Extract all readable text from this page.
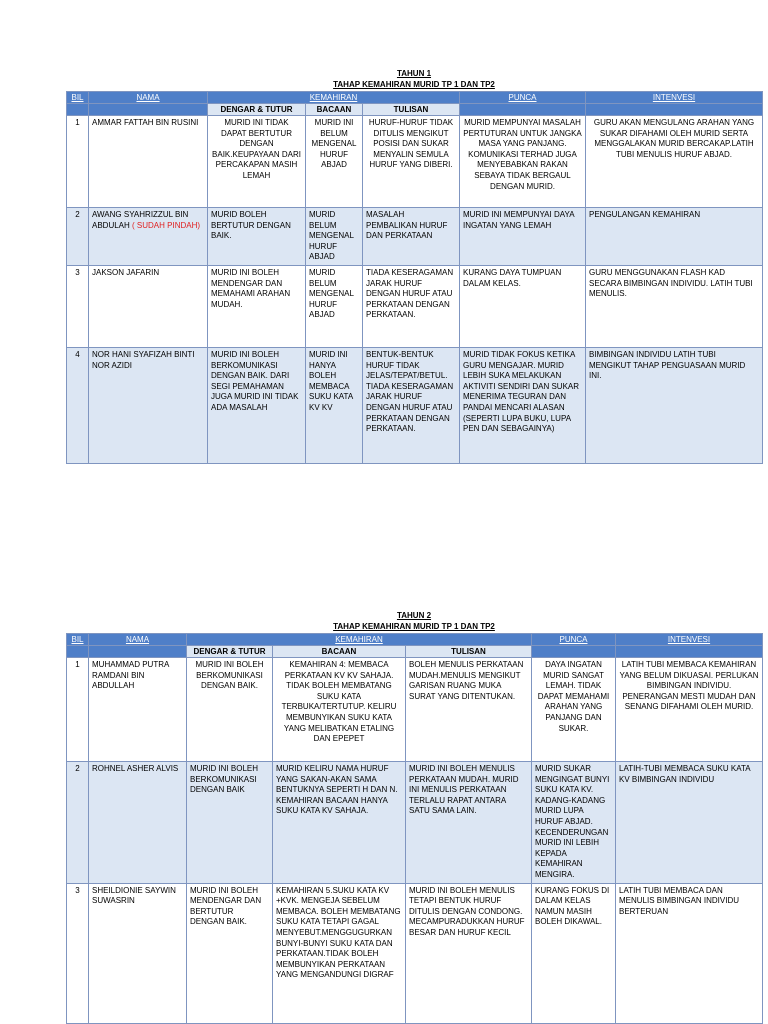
TAHUN 1
TAHAP KEMAHIRAN MURID TP 1 DAN TP2
BIL	NAMA	KEMAHIRAN			PUNCA	INTENVESI
		DENGAR & TUTUR	BACAAN	TULISAN		
1	AMMAR FATTAH BIN RUSINI	MURID INI TIDAK DAPAT BERTUTUR DENGAN BAIK.KEUPAYAAN DARI PERCAKAPAN MASIH LEMAH	MURID INI BELUM MENGENAL HURUF ABJAD	HURUF-HURUF TIDAK DITULIS MENGIKUT POSISI DAN SUKAR MENYALIN SEMULA HURUF YANG DIBERI.	MURID MEMPUNYAI MASALAH PERTUTURAN UNTUK JANGKA MASA YANG PANJANG. KOMUNIKASI TERHAD JUGA MENYEBABKAN RAKAN SEBAYA TIDAK BERGAUL DENGAN MURID.	GURU AKAN MENGULANG ARAHAN YANG SUKAR DIFAHAMI OLEH MURID SERTA MENGGALAKAN MURID BERCAKAP.LATIH TUBI MENULIS HURUF ABJAD.
2	AWANG SYAHRIZZUL BIN ABDULAH ( SUDAH PINDAH)	MURID BOLEH BERTUTUR DENGAN BAIK.	MURID BELUM MENGENAL HURUF ABJAD	MASALAH PEMBALIKAN HURUF DAN PERKATAAN	MURID INI MEMPUNYAI DAYA INGATAN YANG LEMAH	PENGULANGAN KEMAHIRAN
3	JAKSON JAFARIN	MURID INI BOLEH MENDENGAR DAN MEMAHAMI ARAHAN MUDAH.	MURID BELUM MENGENAL HURUF ABJAD	TIADA KESERAGAMAN JARAK HURUF DENGAN HURUF ATAU PERKATAAN DENGAN PERKATAAN.	KURANG DAYA TUMPUAN DALAM KELAS.	GURU MENGGUNAKAN FLASH KAD SECARA BIMBINGAN INDIVIDU. LATIH TUBI MENULIS.
4	NOR HANI SYAFIZAH BINTI NOR AZIDI	MURID INI BOLEH BERKOMUNIKASI DENGAN BAIK. DARI SEGI PEMAHAMAN JUGA MURID INI TIDAK ADA MASALAH	MURID INI HANYA BOLEH MEMBACA SUKU KATA KV KV	BENTUK-BENTUK HURUF TIDAK JELAS/TEPAT/BETUL. TIADA KESERAGAMAN JARAK HURUF DENGAN HURUF ATAU PERKATAAN DENGAN PERKATAAN.	MURID TIDAK FOKUS KETIKA GURU MENGAJAR. MURID LEBIH SUKA MELAKUKAN AKTIVITI SENDIRI DAN SUKAR MENERIMA TEGURAN DAN PANDAI MENCARI ALASAN (SEPERTI LUPA BUKU, LUPA PEN DAN SEBAGAINYA)	BIMBINGAN INDIVIDU LATIH TUBI MENGIKUT TAHAP PENGUASAAN MURID INI.
TAHUN 2
TAHAP KEMAHIRAN MURID TP 1 DAN TP2
BIL	NAMA	KEMAHIRAN			PUNCA	INTENVESI
		DENGAR & TUTUR	BACAAN	TULISAN		
1	MUHAMMAD PUTRA RAMDANI BIN ABDULLAH	MURID INI BOLEH BERKOMUNIKASI DENGAN BAIK.	KEMAHIRAN 4: MEMBACA PERKATAAN KV KV SAHAJA. TIDAK BOLEH MEMBATANG SUKU KATA TERBUKA/TERTUTUP. KELIRU MEMBUNYIKAN SUKU KATA YANG MELIBATKAN ETALING DAN EPEPET	BOLEH MENULIS PERKATAAN MUDAH.MENULIS MENGIKUT GARISAN RUANG MUKA SURAT YANG DITENTUKAN.	DAYA INGATAN MURID SANGAT LEMAH. TIDAK DAPAT MEMAHAMI ARAHAN YANG PANJANG DAN SUKAR.	LATIH TUBI MEMBACA KEMAHIRAN YANG BELUM DIKUASAI. PERLUKAN BIMBINGAN INDIVIDU. PENERANGAN MESTI MUDAH DAN SENANG DIFAHAMI OLEH MURID.
2	ROHNEL ASHER ALVIS	MURID INI BOLEH BERKOMUNIKASI DENGAN BAIK	MURID KELIRU NAMA HURUF YANG SAKAN-AKAN SAMA BENTUKNYA SEPERTI H DAN N. KEMAHIRAN BACAAN HANYA SUKU KATA KV SAHAJA.	MURID INI BOLEH MENULIS PERKATAAN MUDAH. MURID INI MENULIS PERKATAAN TERLALU RAPAT ANTARA SATU SAMA LAIN.	MURID SUKAR MENGINGAT BUNYI SUKU KATA KV. KADANG-KADANG MURID LUPA HURUF ABJAD. KECENDERUNGAN MURID INI LEBIH KEPADA KEMAHIRAN MENGIRA.	LATIH-TUBI MEMBACA SUKU KATA KV BIMBINGAN INDIVIDU
3	SHEILDIONIE SAYWIN SUWASRIN	MURID INI BOLEH MENDENGAR DAN BERTUTUR DENGAN BAIK.	KEMAHIRAN 5.SUKU KATA KV +KVK. MENGEJA SEBELUM MEMBACA. BOLEH MEMBATANG SUKU KATA TETAPI GAGAL MENYEBUT.MENGGUGURKAN BUNYI-BUNYI SUKU KATA DAN PERKATAAN.TIDAK BOLEH MEMBUNYIKAN PERKATAAN YANG MENGANDUNGI DIGRAF	MURID INI BOLEH MENULIS TETAPI BENTUK HURUF DITULIS DENGAN CONDONG. MECAMPURADUKKAN HURUF BESAR DAN HURUF KECIL	KURANG FOKUS DI DALAM KELAS NAMUN MASIH BOLEH DIKAWAL.	LATIH TUBI MEMBACA DAN MENULIS BIMBINGAN INDIVIDU BERTERUAN
